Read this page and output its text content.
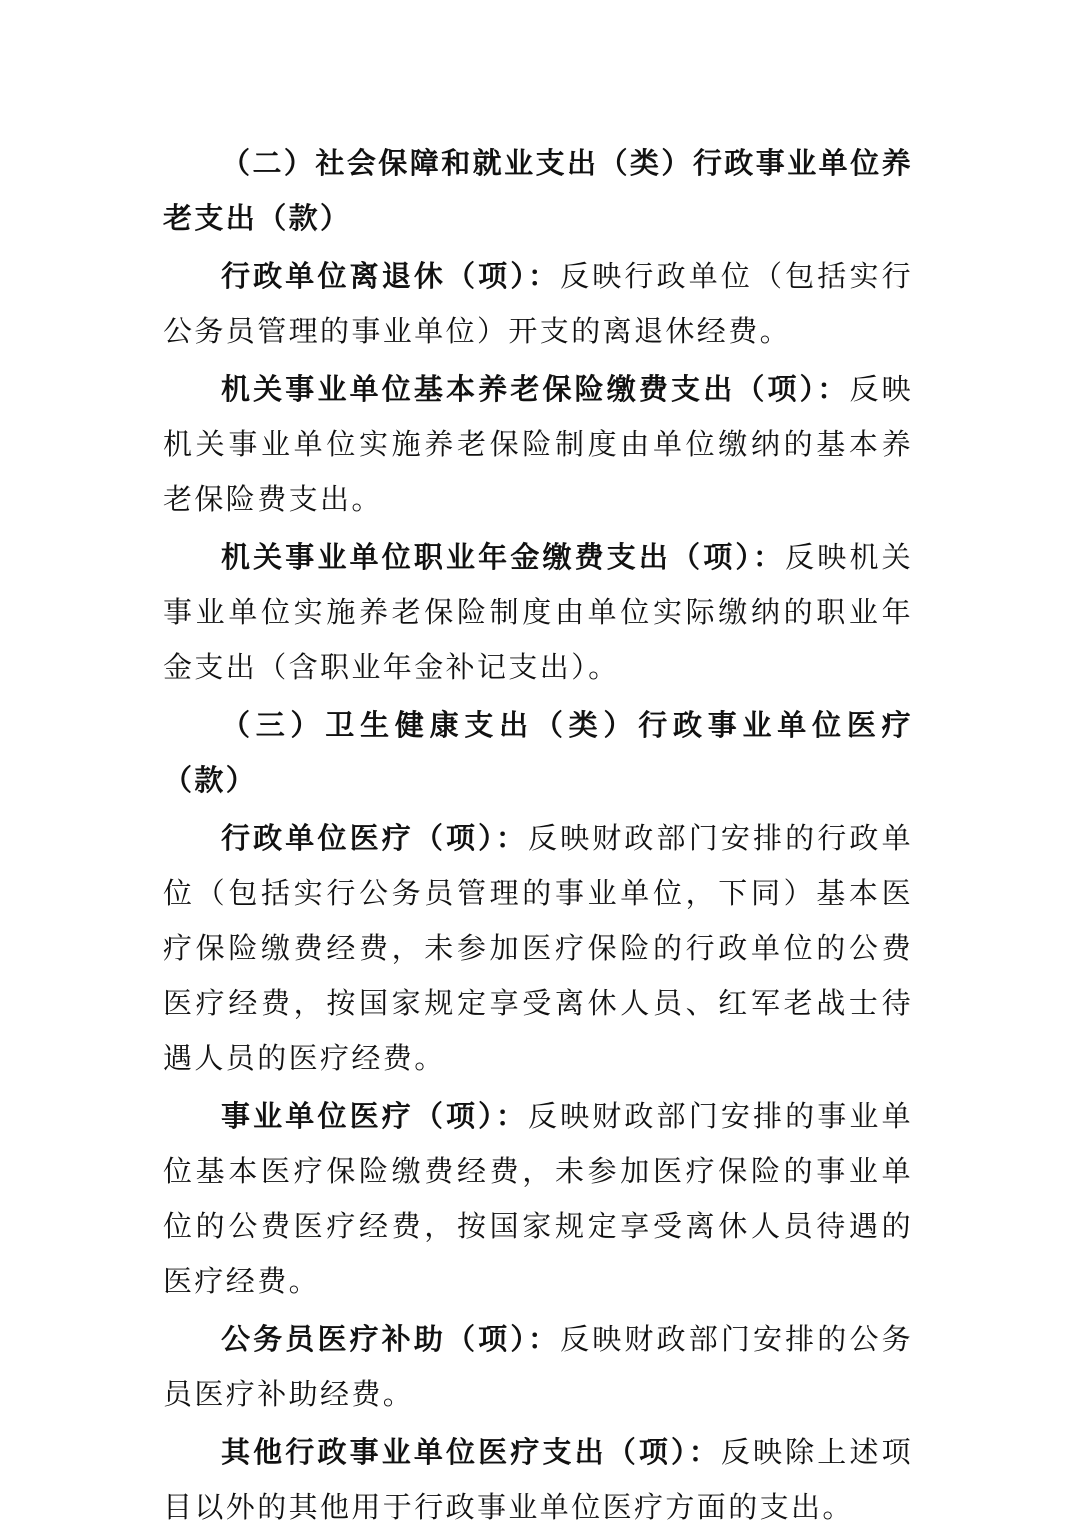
（二）社会保障和就业支出（类）行政事业单位养老支出（款）

行政单位离退休（项）：反映行政单位（包括实行公务员管理的事业单位）开支的离退休经费。

机关事业单位基本养老保险缴费支出（项）：反映机关事业单位实施养老保险制度由单位缴纳的基本养老保险费支出。

机关事业单位职业年金缴费支出（项）：反映机关事业单位实施养老保险制度由单位实际缴纳的职业年金支出（含职业年金补记支出）。

（三）卫生健康支出（类）行政事业单位医疗（款）

行政单位医疗（项）：反映财政部门安排的行政单位（包括实行公务员管理的事业单位，下同）基本医疗保险缴费经费，未参加医疗保险的行政单位的公费医疗经费，按国家规定享受离休人员、红军老战士待遇人员的医疗经费。

事业单位医疗（项）：反映财政部门安排的事业单位基本医疗保险缴费经费，未参加医疗保险的事业单位的公费医疗经费，按国家规定享受离休人员待遇的医疗经费。

公务员医疗补助（项）：反映财政部门安排的公务员医疗补助经费。

其他行政事业单位医疗支出（项）：反映除上述项目以外的其他用于行政事业单位医疗方面的支出。
